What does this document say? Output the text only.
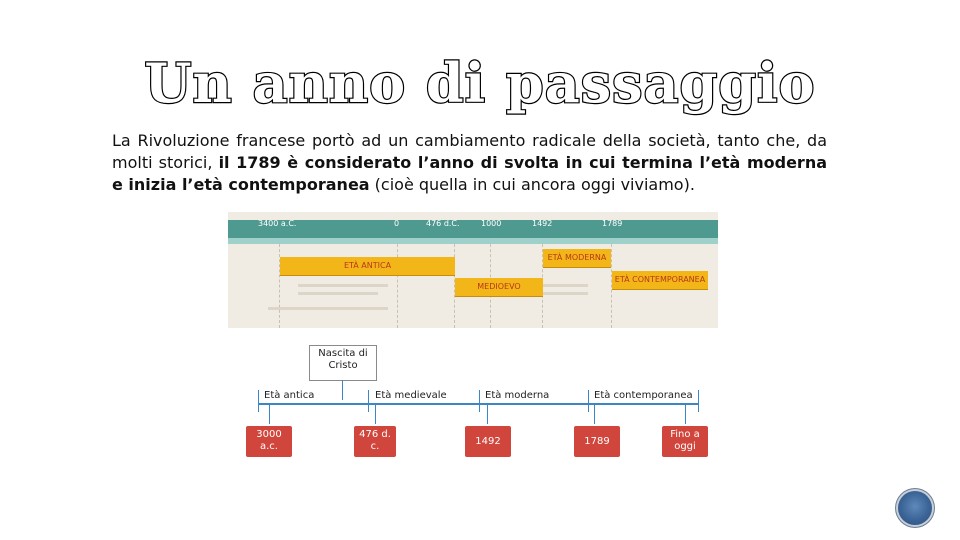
Un anno di passaggio
La Rivoluzione francese portò ad un cambiamento radicale della società, tanto che, da molti storici, il 1789 è considerato l’anno di svolta in cui termina l’età moderna e inizia l’età contemporanea (cioè quella in cui ancora oggi viviamo).
3400 a.C.	0	476 d.C.	1000	1492	1789
ETÀ ANTICA
MEDIOEVO
ETÀ MODERNA
ETÀ CONTEMPORANEA
Nascita di Cristo
Età antica	Età medievale	Età moderna	Età contemporanea
3000 a.c.
476 d. c.	1492	1789
Fino a oggi
